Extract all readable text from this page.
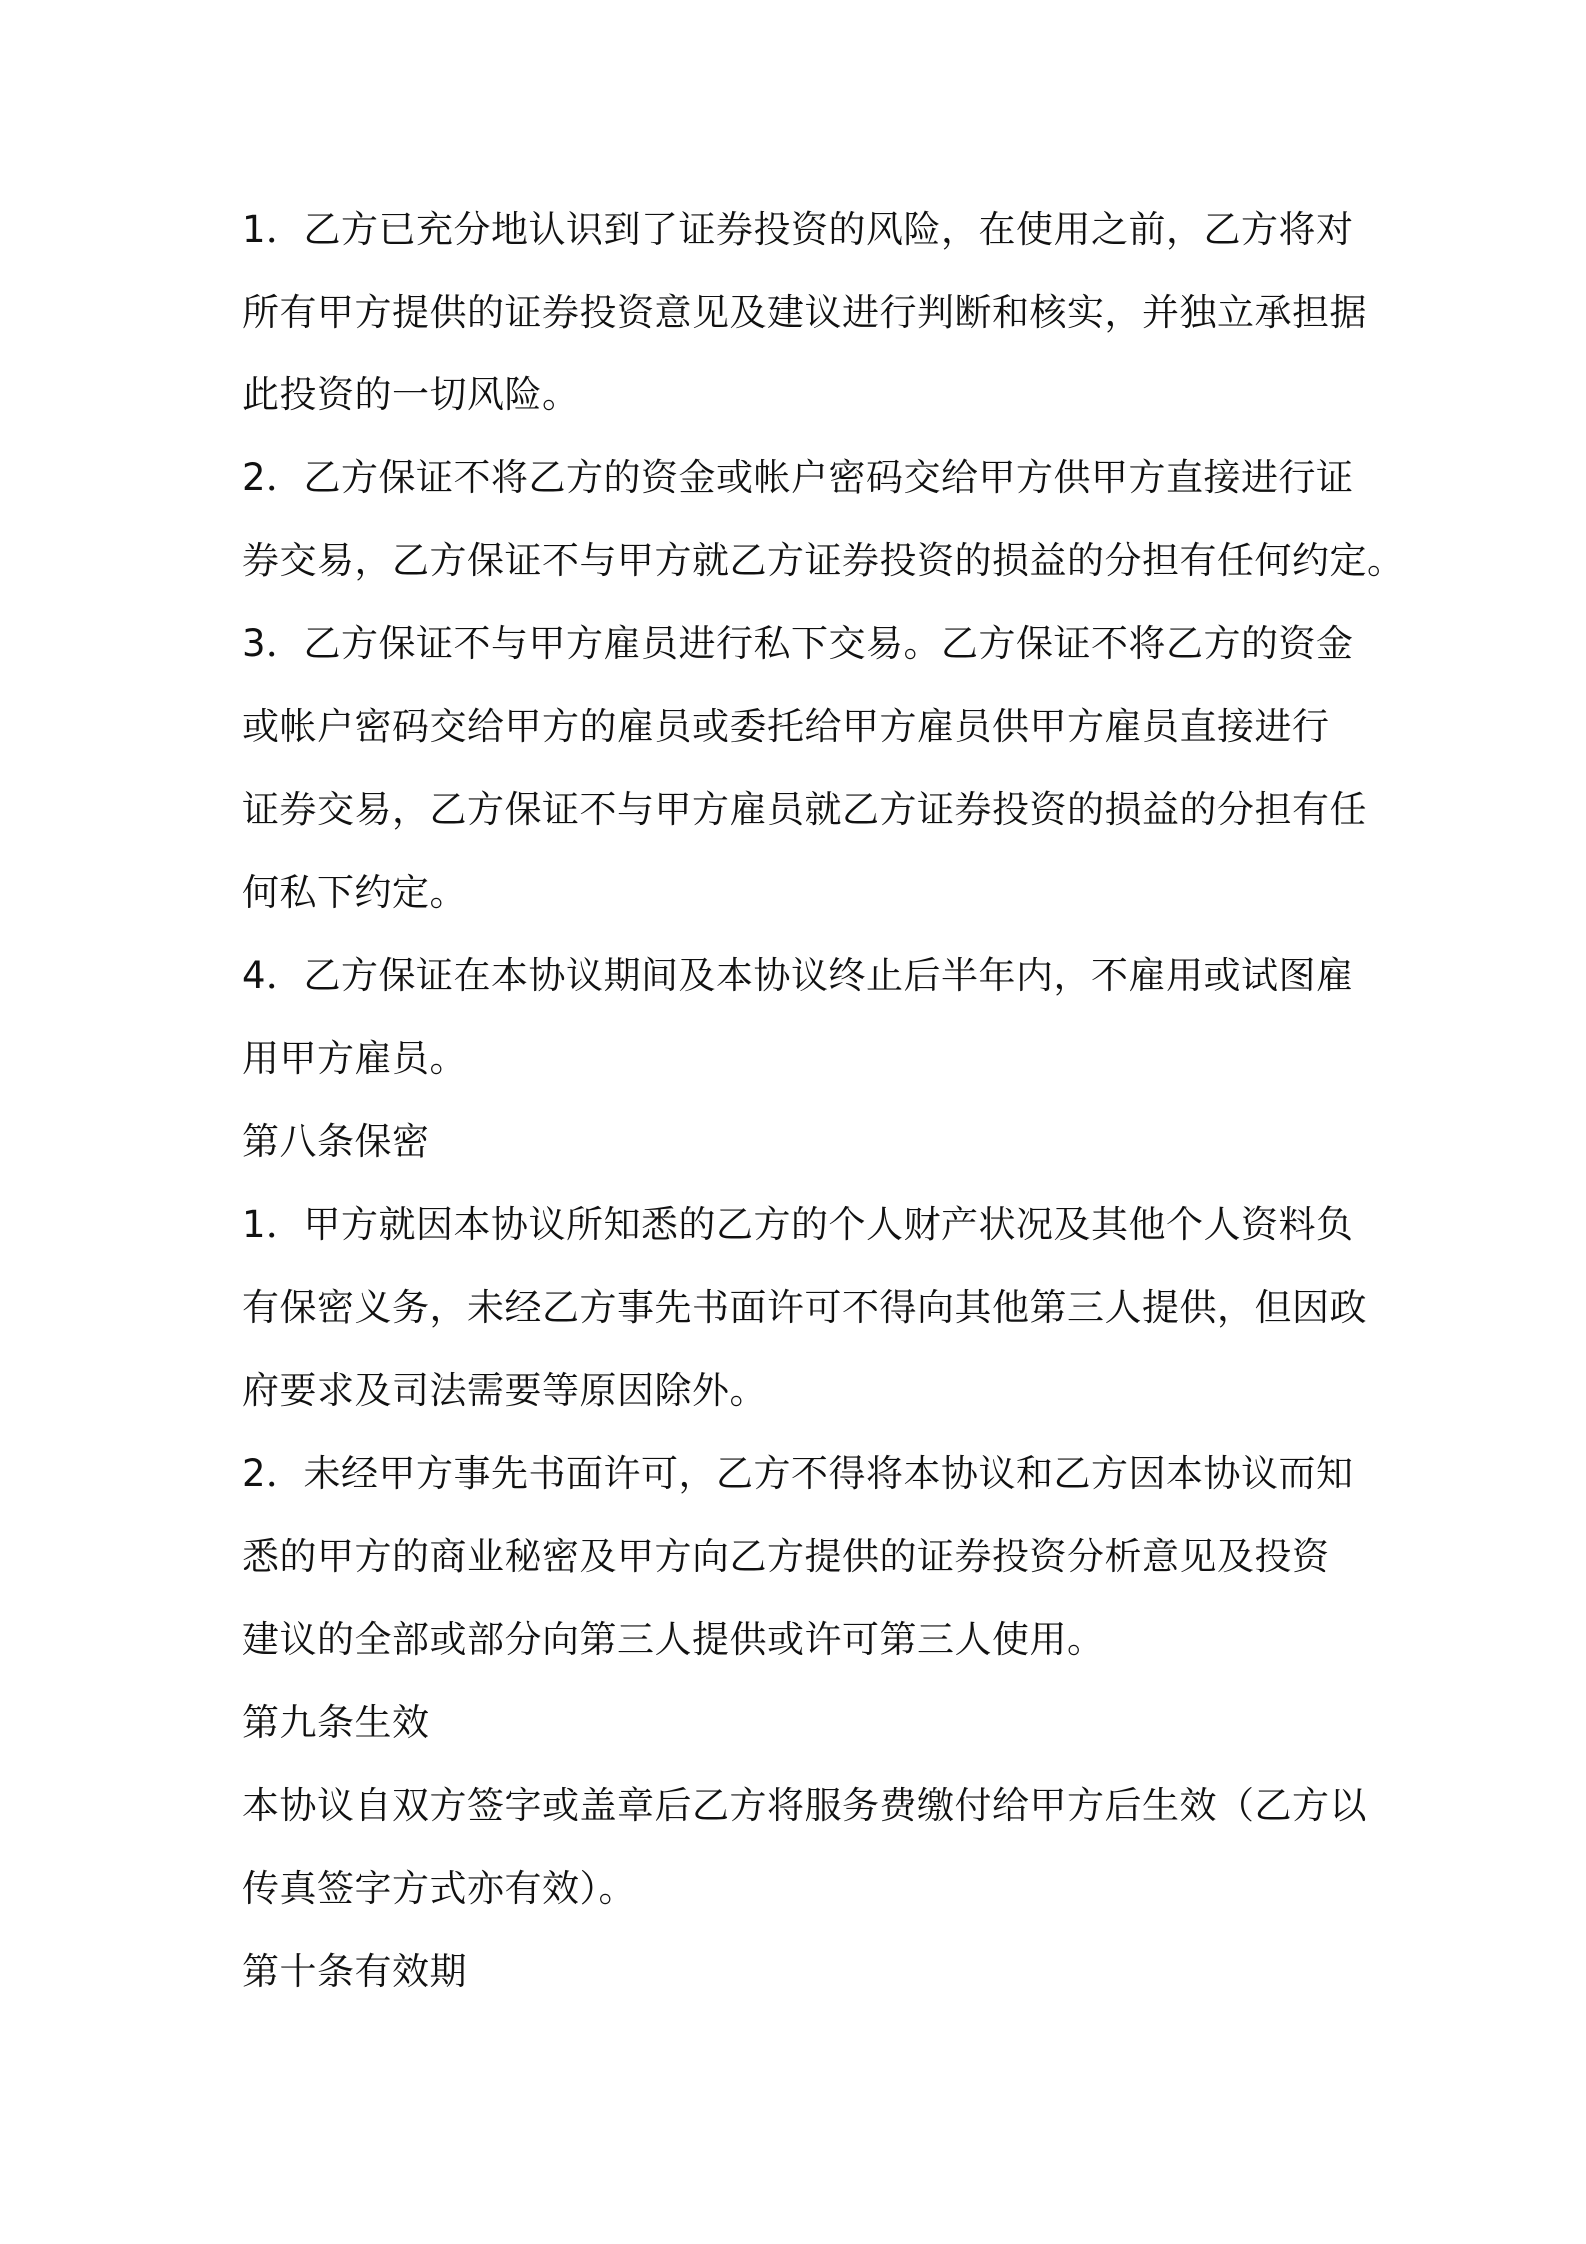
1．乙方已充分地认识到了证券投资的风险，在使用之前，乙方将对
所有甲方提供的证券投资意见及建议进行判断和核实，并独立承担据
此投资的一切风险。
2．乙方保证不将乙方的资金或帐户密码交给甲方供甲方直接进行证
券交易，乙方保证不与甲方就乙方证券投资的损益的分担有任何约定。
3．乙方保证不与甲方雇员进行私下交易。乙方保证不将乙方的资金
或帐户密码交给甲方的雇员或委托给甲方雇员供甲方雇员直接进行
证券交易，乙方保证不与甲方雇员就乙方证券投资的损益的分担有任
何私下约定。
4．乙方保证在本协议期间及本协议终止后半年内，不雇用或试图雇
用甲方雇员。
第八条保密
1．甲方就因本协议所知悉的乙方的个人财产状况及其他个人资料负
有保密义务，未经乙方事先书面许可不得向其他第三人提供，但因政
府要求及司法需要等原因除外。
2．未经甲方事先书面许可，乙方不得将本协议和乙方因本协议而知
悉的甲方的商业秘密及甲方向乙方提供的证券投资分析意见及投资
建议的全部或部分向第三人提供或许可第三人使用。
第九条生效
本协议自双方签字或盖章后乙方将服务费缴付给甲方后生效（乙方以
传真签字方式亦有效）。
第十条有效期
